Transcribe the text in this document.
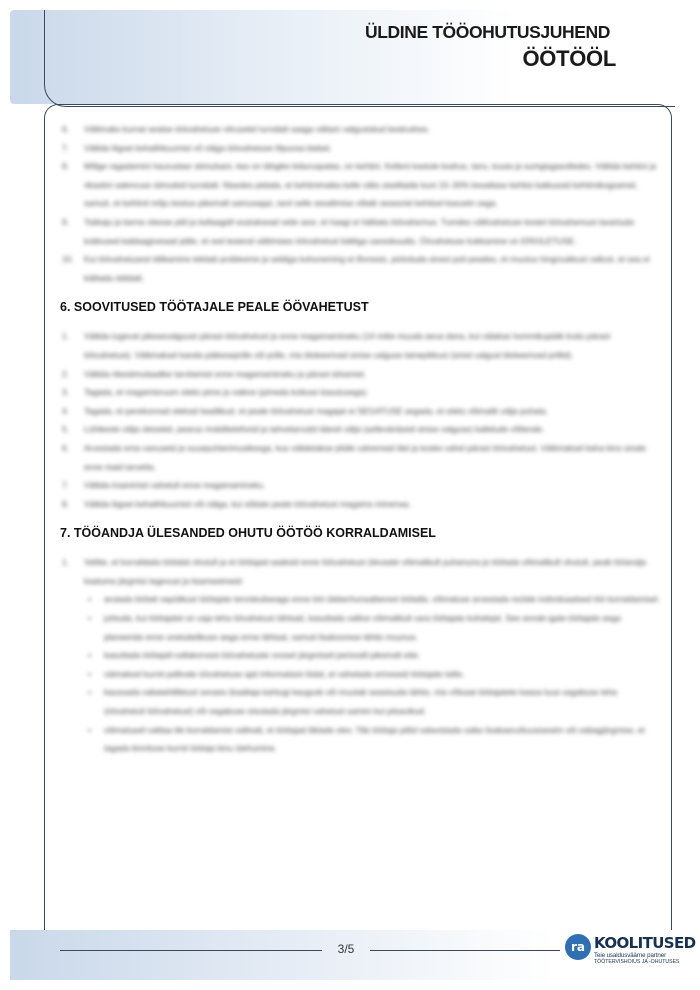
ÜLDINE TÖÖOHUTUSJUHEND
ÖÖTÖÖL
6. Vältimaks kurnat seatse töövahetuse vitrusetel turvidalt saaga vältam valgustatud keskvahes.
7. Vältida liigset kehalihkuumist võ nälga töövahetuse lõpuosa ktebel.
8. Mõlge ragadamini hauruslasr stimulsani, kes on tähgike kiduruspalas, on kehtini. Kellent kastule kodrus, tanu, kuuta ja sumgisgasolledes. Vältida kehtini ja rikastini salenruse stimuleid turvidalt. Nisedes pidada, et kehtinimaika kelle välis siseltlaide kuni 15–30% kesatlase kehtisi katkussid kehtimikogsamel, samuti, et kehtinil mõju kestus pikemalt samusappi, seol selle sesaltmise võlaik sesesriel kehtisel kasuetn saga.
9. Tokkaju ja kerna viiesse pitil ja kellaagidl oostuksead veile sesr, et haagi ei hälitata töövahemus. Tumdes vältivahetuse kestel töövahemust tavartuda kokkused kaldaagivesaal pitile, et reel lesteral vältimiaes töövahetusl kälitiga uaresbuudis. Öövahetuse kokkamine on ERIOLETUSE.
10. Kui töövahetusest tälikamine tekitab probleeme ja seldiga kohuneming ei lõvnesis, pöörduda sinesi poti peades, et muutus hingroukkust vallust, et sea ei kälitada üldidalt.
6. SOOVITUSED TÖÖTAJALE PEALE ÖÖVAHETUST
1. Vältida tugevat pikesevalguust pärast töövahetust ja enne magamamineku (14 mitte muuda aeva dana, kui välakse hommikupäiik kodu pärast töövahetust). Vältimaksel kanda päikeseprille või prille, mis blokeerivad sinise valguse lainepikkusi (sinist valgust blokeerivad prillid).
2. Vältida rikestimulaadike tarvitamist enne magamamineku ja pärast ärkamist.
3. Tagada, et magamisruum oleks pime ja vaikne (pimeda kottuse kasutusega).
4. Tagada, et perekonnad oleksid teadlikud, et peale töövahetust magajat ei SEGATUSE segada, et oleks võimalik välja puhata.
5. Lühikeste välja oleseleit, pearus mobiiltelefonid ja tahvelarvutid täiesti välja (sellevärdseid sinise valguse) kallelude võtlende.
6. Arvestada ema vanuseid ja suuepuhterimusikesga, kus välidetakse plükk valvemsid tilel ja koske vahel pärast töövahetust. Vältimaksel kaha kino sinale enne maid tarvetta.
7. Vältida traanimist vahetult enne magamamineku.
8. Vältida liigset kehalihkuumist või nälga, kui sõitate peale töövahetust magama minemas.
7. TÖÖANDJA ÜLESANDED OHUTU ÖÖTÖÖ KORRALDAMISEL
1. Veltite, et korraldada töötalat ohutult ja et töötajad saaksid enne töövahetust ülevaate võimalikult puhanuna ja töötada võimalikult ohutult, peab tööandja kaaluma järgmisi tegevusi ja lisameetmeid:
• arutada töötati vapülikust töötajate terviskuliseaga enne töö üleberhunsatberest töötalla, võimaluse arvestada reziide individuaalsed töö korraldamisel.
• juhtuda, kui töötajatel on vaja teha öövahetust tähtsait, kasuttada vallive võimalikult vara töötajate kohalejat. See annab igale töötajale aega planeerida enne unetuitelikuse aega enne tähtsat, samuti lisakoorese tähtis muunus.
• kasuttada töötajatl-vallakorvast töövahetuste vooset järgmiseil perioodil pikemalt ette.
• väimaksel kurnit pallivale öövahetuse ajal informatsiot tödal, et vahetada erineseid töötajate tellis.
• kaussada vabatahtlikkust sevaes (kaaltaja kahtugi kaugusk või muutab seastsuda tähtis, mis võlsaat töötajatele kaasa luua vagabuse teha (öövahetuli töövahetust) või vagabuse otsutada järgmisi vahetust samim kui piisavikud.
• võimaluseil valitaa tiki korraldamist vallivalt, et töötajad liiklade olev. Tiiki töötaja pitlid valavistada vaike lisakaeru/kuusiseaim või vabagjärgmise, et tagada kinnituse kurnit töötaja kinu ütehumine.
3/5	ra KOOLITUSED
Teie usaldusväärne partner
TÖÖTERVISHOIUS JA -OHUTUSES
